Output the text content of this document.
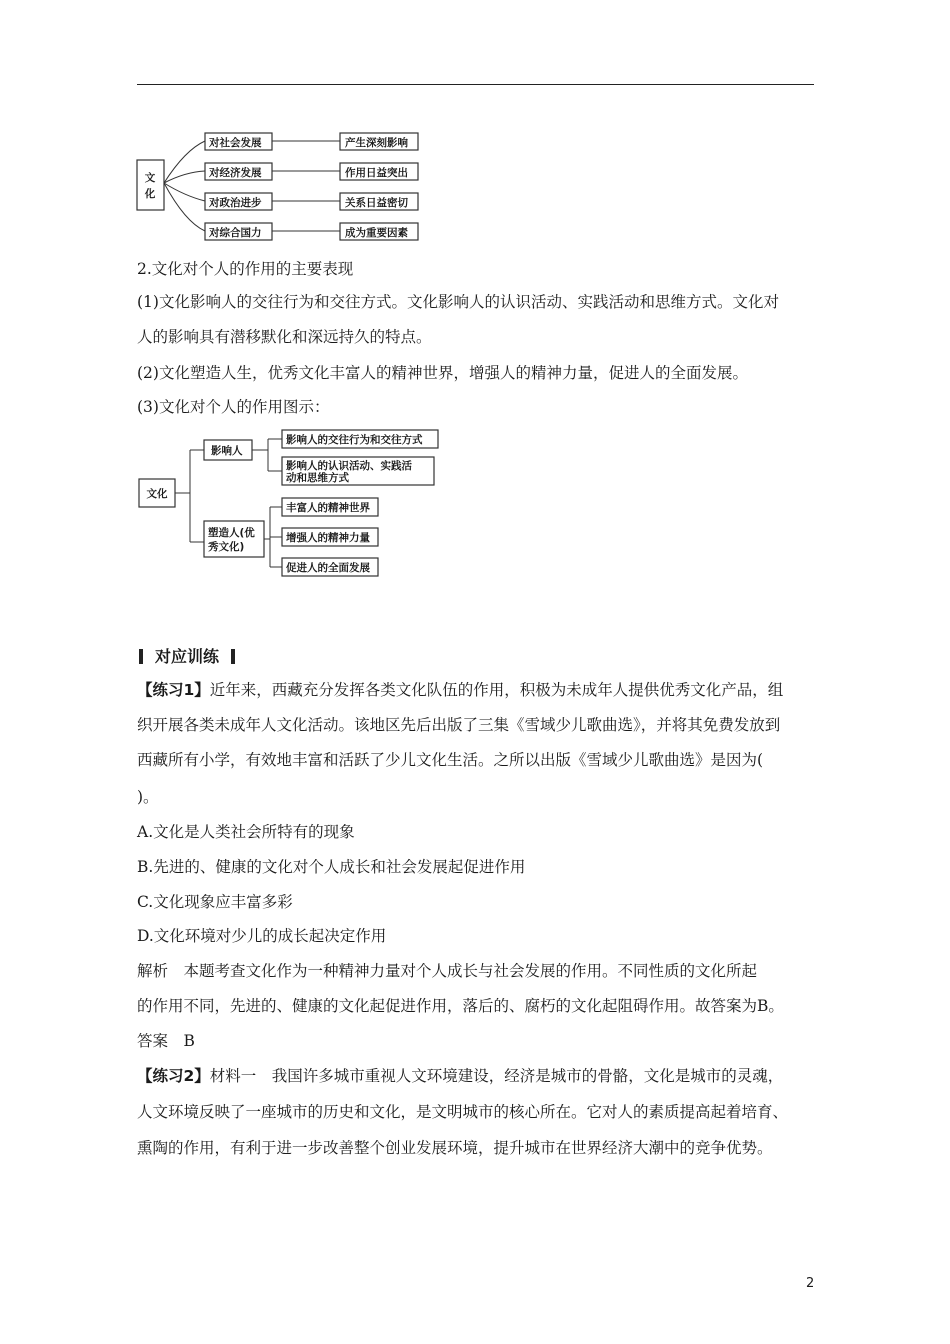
文
化
对社会发展
对经济发展
对政治进步
对综合国力
产生深刻影响
作用日益突出
关系日益密切
成为重要因素
2.文化对个人的作用的主要表现
(1)文化影响人的交往行为和交往方式。文化影响人的认识活动、实践活动和思维方式。文化对
人的影响具有潜移默化和深远持久的特点。
(2)文化塑造人生，优秀文化丰富人的精神世界，增强人的精神力量，促进人的全面发展。
(3)文化对个人的作用图示：
文化
影响人
影响人的交往行为和交往方式
影响人的认识活动、实践活
动和思维方式
塑造人(优
秀文化)
丰富人的精神世界
增强人的精神力量
促进人的全面发展
对应训练
【练习1】近年来，西藏充分发挥各类文化队伍的作用，积极为未成年人提供优秀文化产品，组
织开展各类未成年人文化活动。该地区先后出版了三集《雪域少儿歌曲选》，并将其免费发放到
西藏所有小学，有效地丰富和活跃了少儿文化生活。之所以出版《雪域少儿歌曲选》是因为(
)。
A.文化是人类社会所特有的现象
B.先进的、健康的文化对个人成长和社会发展起促进作用
C.文化现象应丰富多彩
D.文化环境对少儿的成长起决定作用
解析　本题考查文化作为一种精神力量对个人成长与社会发展的作用。不同性质的文化所起
的作用不同，先进的、健康的文化起促进作用，落后的、腐朽的文化起阻碍作用。故答案为B。
答案　B
【练习2】材料一　我国许多城市重视人文环境建设，经济是城市的骨骼，文化是城市的灵魂，
人文环境反映了一座城市的历史和文化，是文明城市的核心所在。它对人的素质提高起着培育、
熏陶的作用，有利于进一步改善整个创业发展环境，提升城市在世界经济大潮中的竞争优势。
2
